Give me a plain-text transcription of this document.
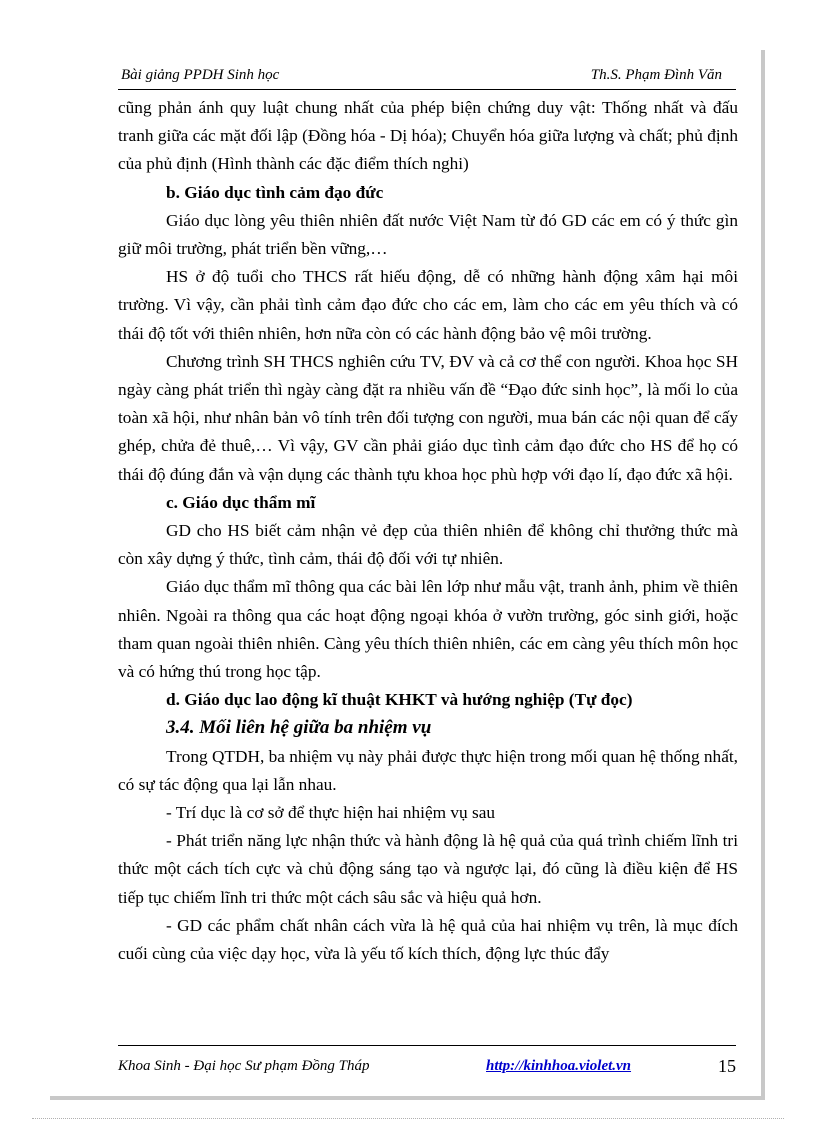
Bài giảng PPDH Sinh học	Th.S. Phạm Đình Văn

cũng phản ánh quy luật chung nhất của phép biện chứng duy vật: Thống nhất và đấu tranh giữa các mặt đối lập (Đồng hóa - Dị hóa); Chuyển hóa giữa lượng và chất; phủ định của phủ định (Hình thành các đặc điểm thích nghi)

b. Giáo dục tình cảm đạo đức

Giáo dục lòng yêu thiên nhiên đất nước Việt Nam từ đó GD các em có ý thức gìn giữ môi trường, phát triển bền vững,…

HS ở độ tuổi cho THCS rất hiếu động, dễ có những hành động xâm hại môi trường. Vì vậy, cần phải tình cảm đạo đức cho các em, làm cho các em yêu thích và có thái độ tốt với thiên nhiên, hơn nữa còn có các hành động bảo vệ môi trường.

Chương trình SH THCS nghiên cứu TV, ĐV và cả cơ thể con người. Khoa học SH ngày càng phát triển thì ngày càng đặt ra nhiều vấn đề “Đạo đức sinh học”, là mối lo của toàn xã hội, như nhân bản vô tính trên đối tượng con người, mua bán các nội quan để cấy ghép, chửa đẻ thuê,… Vì vậy, GV cần phải giáo dục tình cảm đạo đức cho HS để họ có thái độ đúng đắn và vận dụng các thành tựu khoa học phù hợp với đạo lí, đạo đức xã hội.

c. Giáo dục thẩm mĩ

GD cho HS biết cảm nhận vẻ đẹp của thiên nhiên để không chỉ thưởng thức mà còn xây dựng ý thức, tình cảm, thái độ đối với tự nhiên.

Giáo dục thẩm mĩ thông qua các bài lên lớp như mẫu vật, tranh ảnh, phim về thiên nhiên. Ngoài ra thông qua các hoạt động ngoại khóa ở vườn trường, góc sinh giới, hoặc tham quan ngoài thiên nhiên. Càng yêu thích thiên nhiên, các em càng yêu thích môn học và có hứng thú trong học tập.

d. Giáo dục lao động kĩ thuật KHKT và hướng nghiệp (Tự đọc)

3.4. Mối liên hệ giữa ba nhiệm vụ

Trong QTDH, ba nhiệm vụ này phải được thực hiện trong mối quan hệ thống nhất, có sự tác động qua lại lẫn nhau.

- Trí dục là cơ sở để thực hiện hai nhiệm vụ sau

- Phát triển năng lực nhận thức và hành động là hệ quả của quá trình chiếm lĩnh tri thức một cách tích cực và chủ động sáng tạo và ngược lại, đó cũng là điều kiện để HS tiếp tục chiếm lĩnh tri thức một cách sâu sắc và hiệu quả hơn.

- GD các phẩm chất nhân cách vừa là hệ quả của hai nhiệm vụ trên, là mục đích cuối cùng của việc dạy học, vừa là yếu tố kích thích, động lực thúc đẩy

Khoa Sinh - Đại học Sư phạm Đồng Tháp	http://kinhhoa.violet.vn	15
